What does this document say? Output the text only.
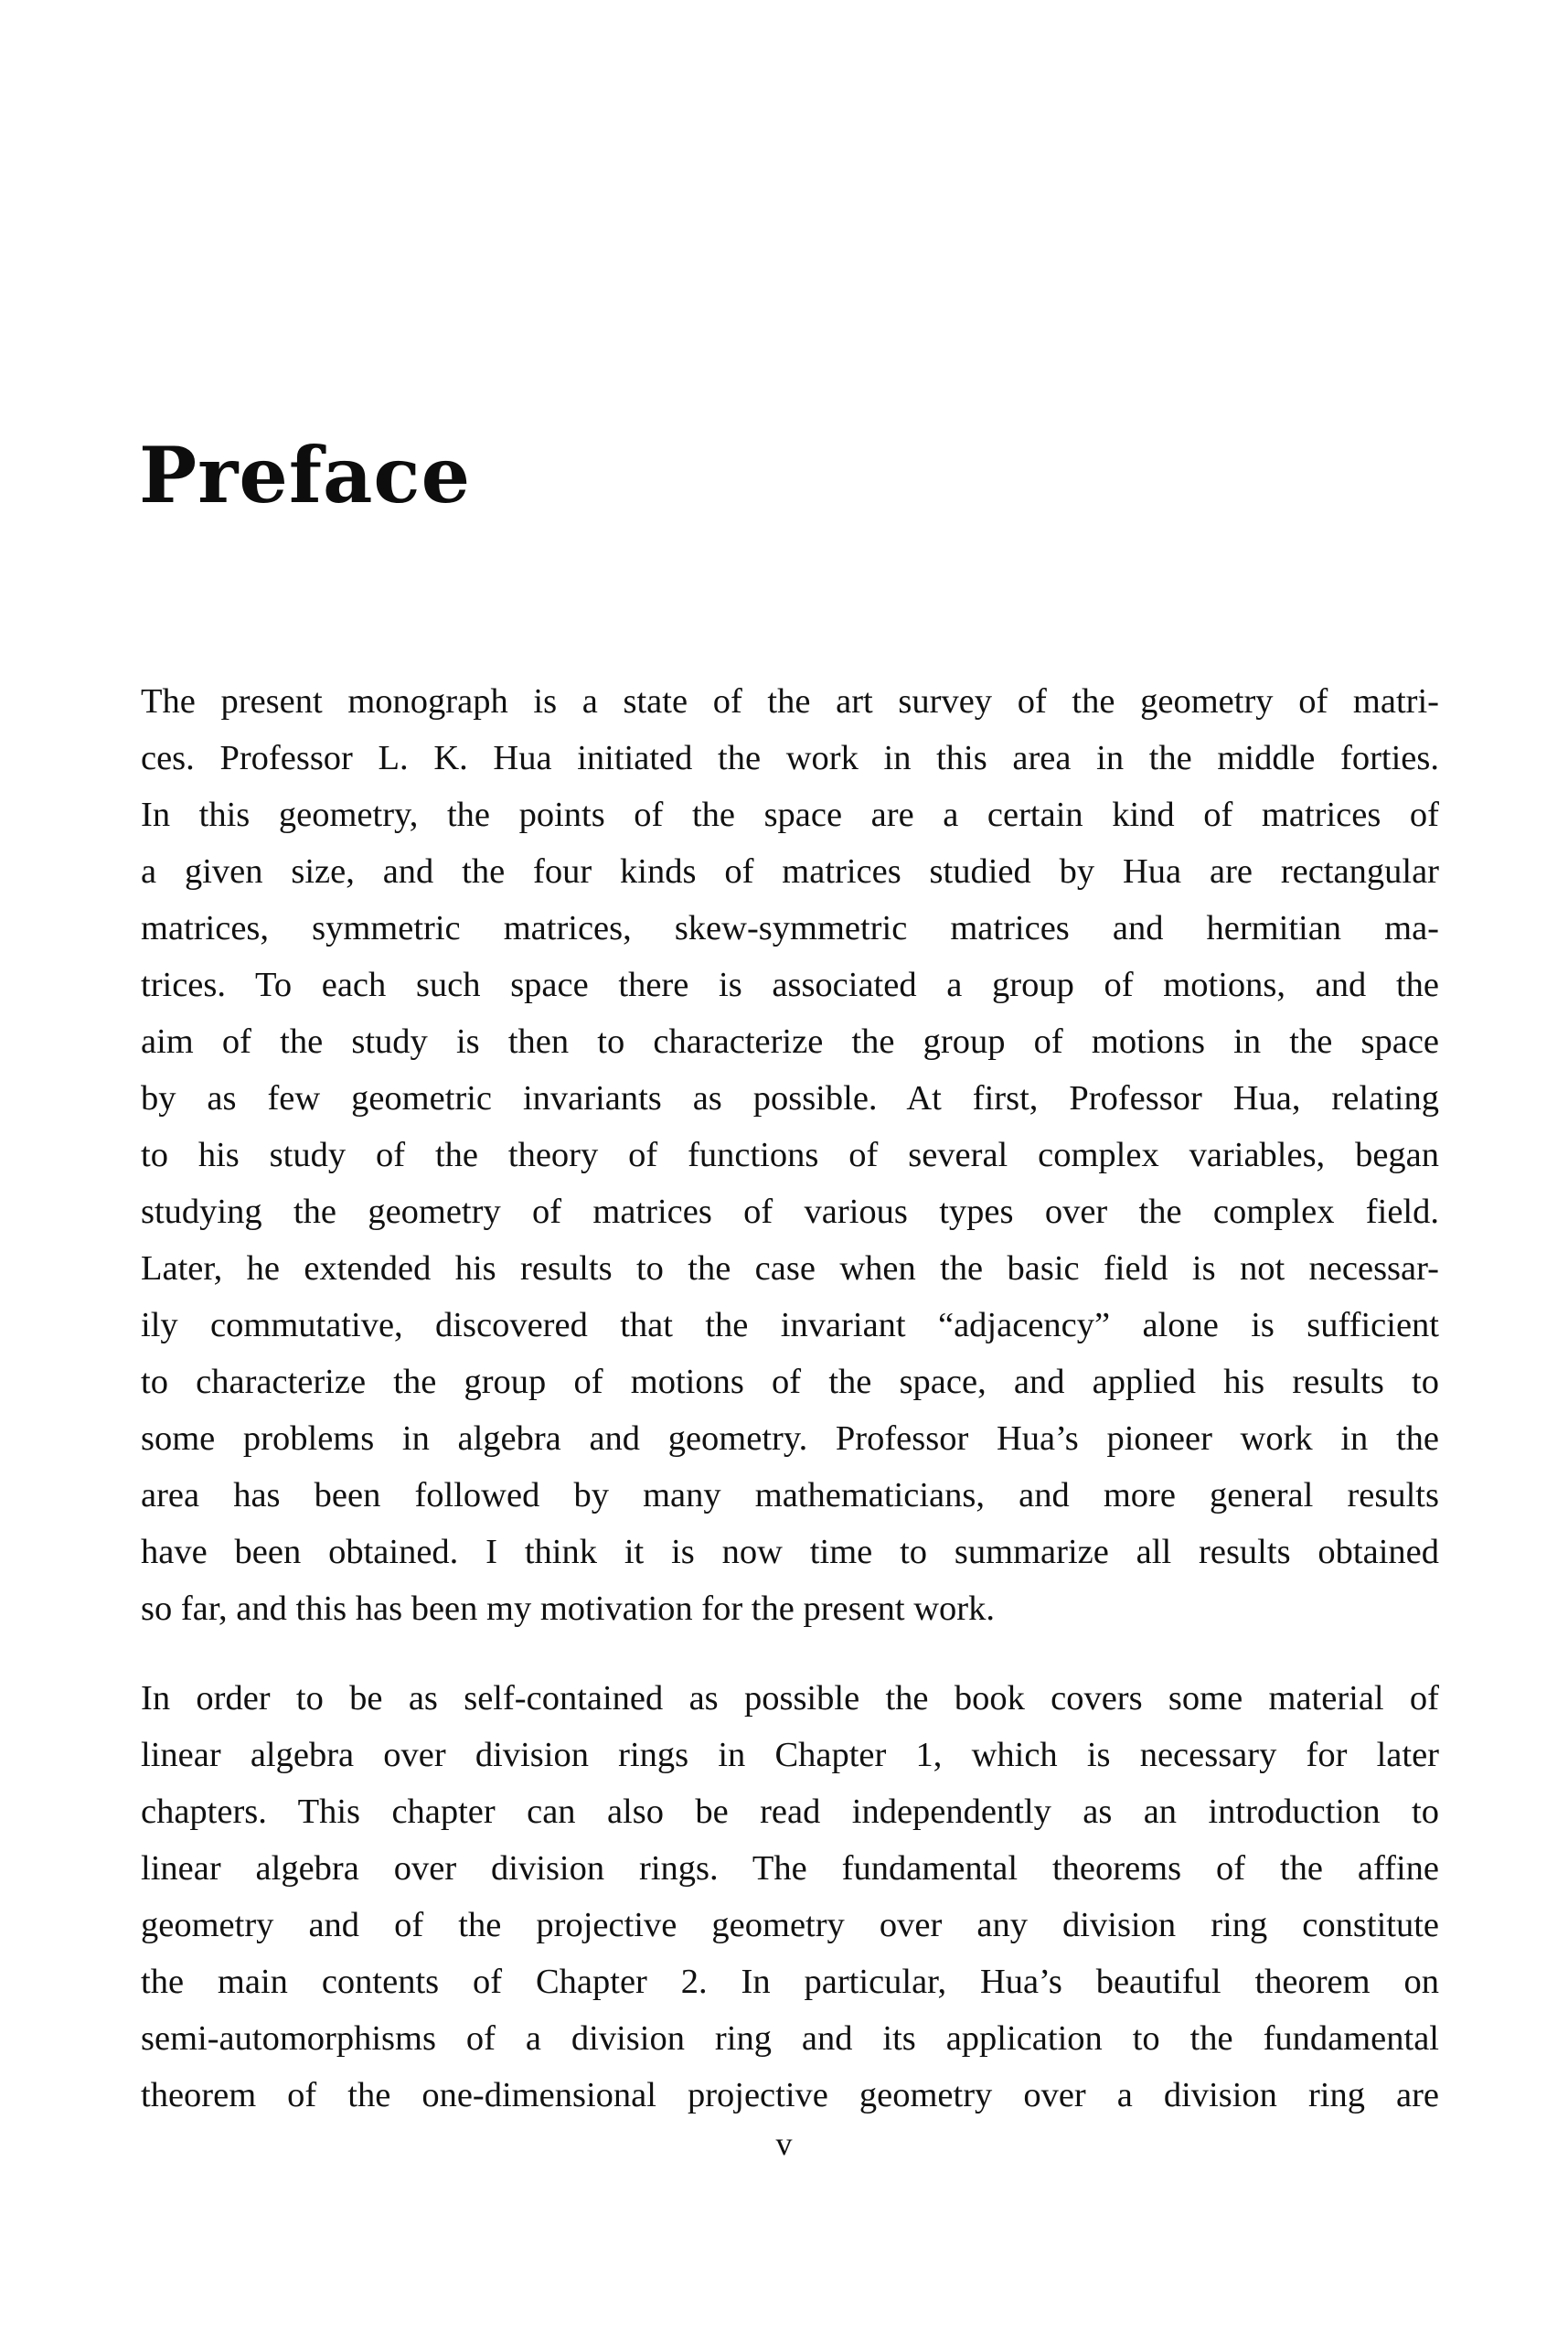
Preface

The present monograph is a state of the art survey of the geometry of matri-
ces. Professor L. K. Hua initiated the work in this area in the middle forties.
In this geometry, the points of the space are a certain kind of matrices of
a given size, and the four kinds of matrices studied by Hua are rectangular
matrices, symmetric matrices, skew-symmetric matrices and hermitian ma-
trices. To each such space there is associated a group of motions, and the
aim of the study is then to characterize the group of motions in the space
by as few geometric invariants as possible. At first, Professor Hua, relating
to his study of the theory of functions of several complex variables, began
studying the geometry of matrices of various types over the complex field.
Later, he extended his results to the case when the basic field is not necessar-
ily commutative, discovered that the invariant “adjacency” alone is sufficient
to characterize the group of motions of the space, and applied his results to
some problems in algebra and geometry. Professor Hua’s pioneer work in the
area has been followed by many mathematicians, and more general results
have been obtained. I think it is now time to summarize all results obtained
so far, and this has been my motivation for the present work.

In order to be as self-contained as possible the book covers some material of
linear algebra over division rings in Chapter 1, which is necessary for later
chapters. This chapter can also be read independently as an introduction to
linear algebra over division rings. The fundamental theorems of the affine
geometry and of the projective geometry over any division ring constitute
the main contents of Chapter 2. In particular, Hua’s beautiful theorem on
semi-automorphisms of a division ring and its application to the fundamental
theorem of the one-dimensional projective geometry over a division ring are

v
